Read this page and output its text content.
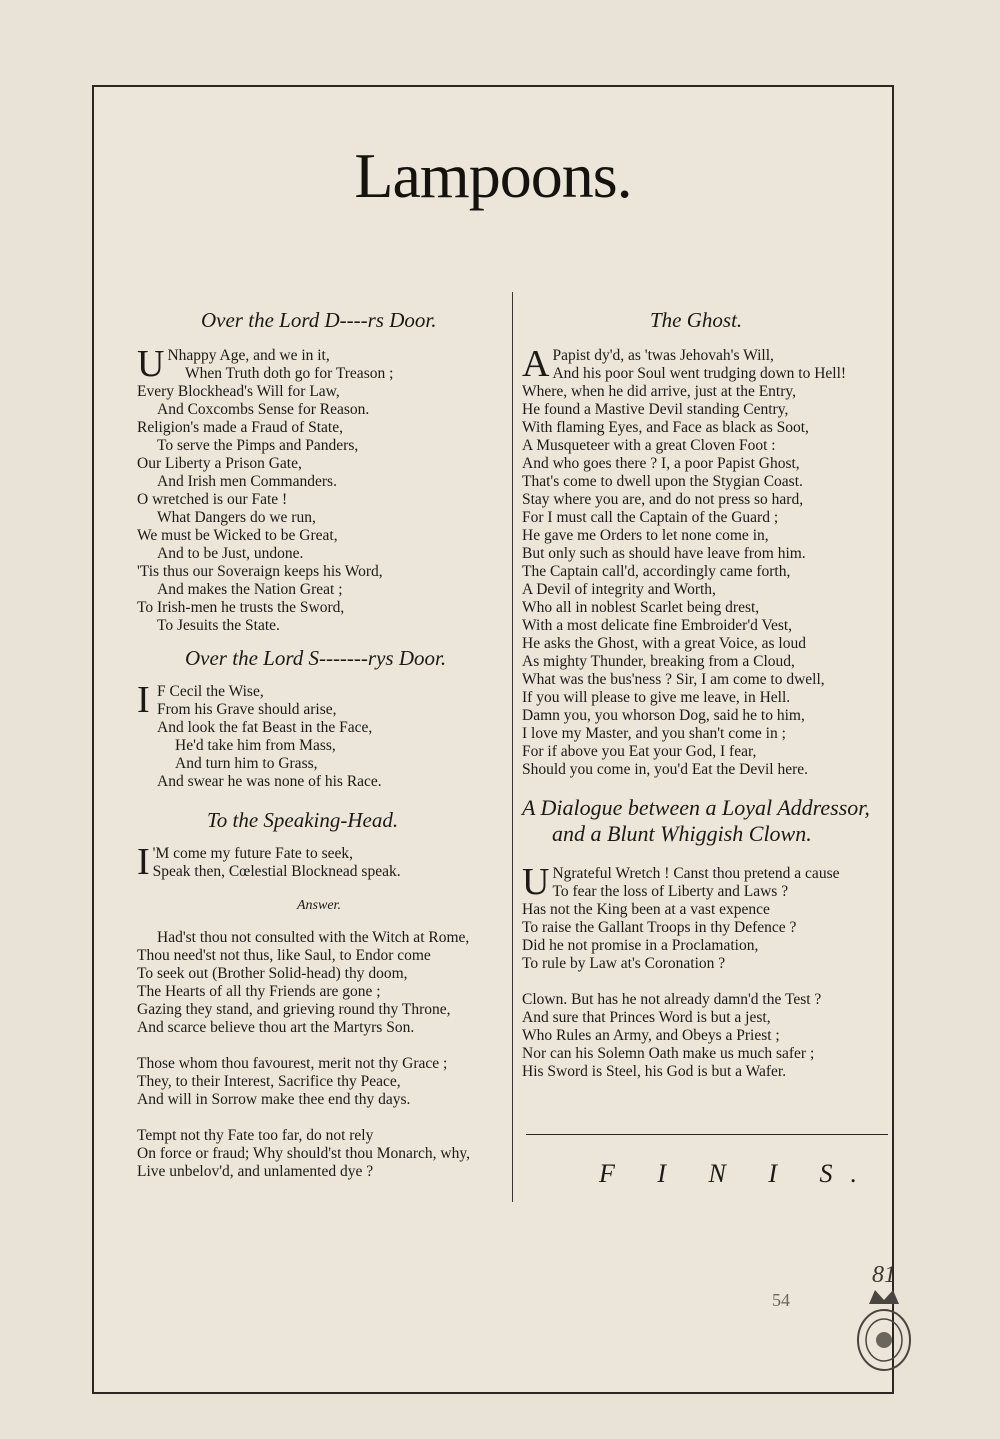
Lampoons.
Over the Lord D----rs Door.
U Nhappy Age, and we in it,
When Truth doth go for Treason ;
Every Blockhead's Will for Law,
And Coxcombs Sense for Reason.
Religion's made a Fraud of State,
To serve the Pimps and Panders,
Our Liberty a Prison Gate,
And Irish men Commanders.
O wretched is our Fate !
What Dangers do we run,
We must be Wicked to be Great,
And to be Just, undone.
'Tis thus our Soveraign keeps his Word,
And makes the Nation Great ;
To Irish-men he trusts the Sword,
To Jesuits the State.
Over the Lord S-------rys Door.
I F Cecil the Wise,
From his Grave should arise,
And look the fat Beast in the Face,
He'd take him from Mass,
And turn him to Grass,
And swear he was none of his Race.
To the Speaking-Head.
I 'M come my future Fate to seek,
Speak then, Cœlestial Blocknead speak.
Answer.
Had'st thou not consulted with the Witch at Rome,
Thou need'st not thus, like Saul, to Endor come
To seek out (Brother Solid-head) thy doom,
The Hearts of all thy Friends are gone ;
Gazing they stand, and grieving round thy Throne,
And scarce believe thou art the Martyrs Son.

Those whom thou favourest, merit not thy Grace ;
They, to their Interest, Sacrifice thy Peace,
And will in Sorrow make thee end thy days.

Tempt not thy Fate too far, do not rely
On force or fraud; Why should'st thou Monarch, why,
Live unbelov'd, and unlamented dye ?
The Ghost.
A Papist dy'd, as 'twas Jehovah's Will,
And his poor Soul went trudging down to Hell!
Where, when he did arrive, just at the Entry,
He found a Mastive Devil standing Centry,
With flaming Eyes, and Face as black as Soot,
A Musqueteer with a great Cloven Foot :
And who goes there ? I, a poor Papist Ghost,
That's come to dwell upon the Stygian Coast.
Stay where you are, and do not press so hard,
For I must call the Captain of the Guard ;
He gave me Orders to let none come in,
But only such as should have leave from him.
The Captain call'd, accordingly came forth,
A Devil of integrity and Worth,
Who all in noblest Scarlet being drest,
With a most delicate fine Embroider'd Vest,
He asks the Ghost, with a great Voice, as loud
As mighty Thunder, breaking from a Cloud,
What was the bus'ness ? Sir, I am come to dwell,
If you will please to give me leave, in Hell.
Damn you, you whorson Dog, said he to him,
I love my Master, and you shan't come in ;
For if above you Eat your God, I fear,
Should you come in, you'd Eat the Devil here.
A Dialogue between a Loyal Addressor,
and a Blunt Whiggish Clown.
U Ngrateful Wretch ! Canst thou pretend a cause
To fear the loss of Liberty and Laws ?
Has not the King been at a vast expence
To raise the Gallant Troops in thy Defence ?
Did he not promise in a Proclamation,
To rule by Law at's Coronation ?

Clown. But has he not already damn'd the Test ?
And sure that Princes Word is but a jest,
Who Rules an Army, and Obeys a Priest ;
Nor can his Solemn Oath make us much safer ;
His Sword is Steel, his God is but a Wafer.
F I N I S.
54
81
